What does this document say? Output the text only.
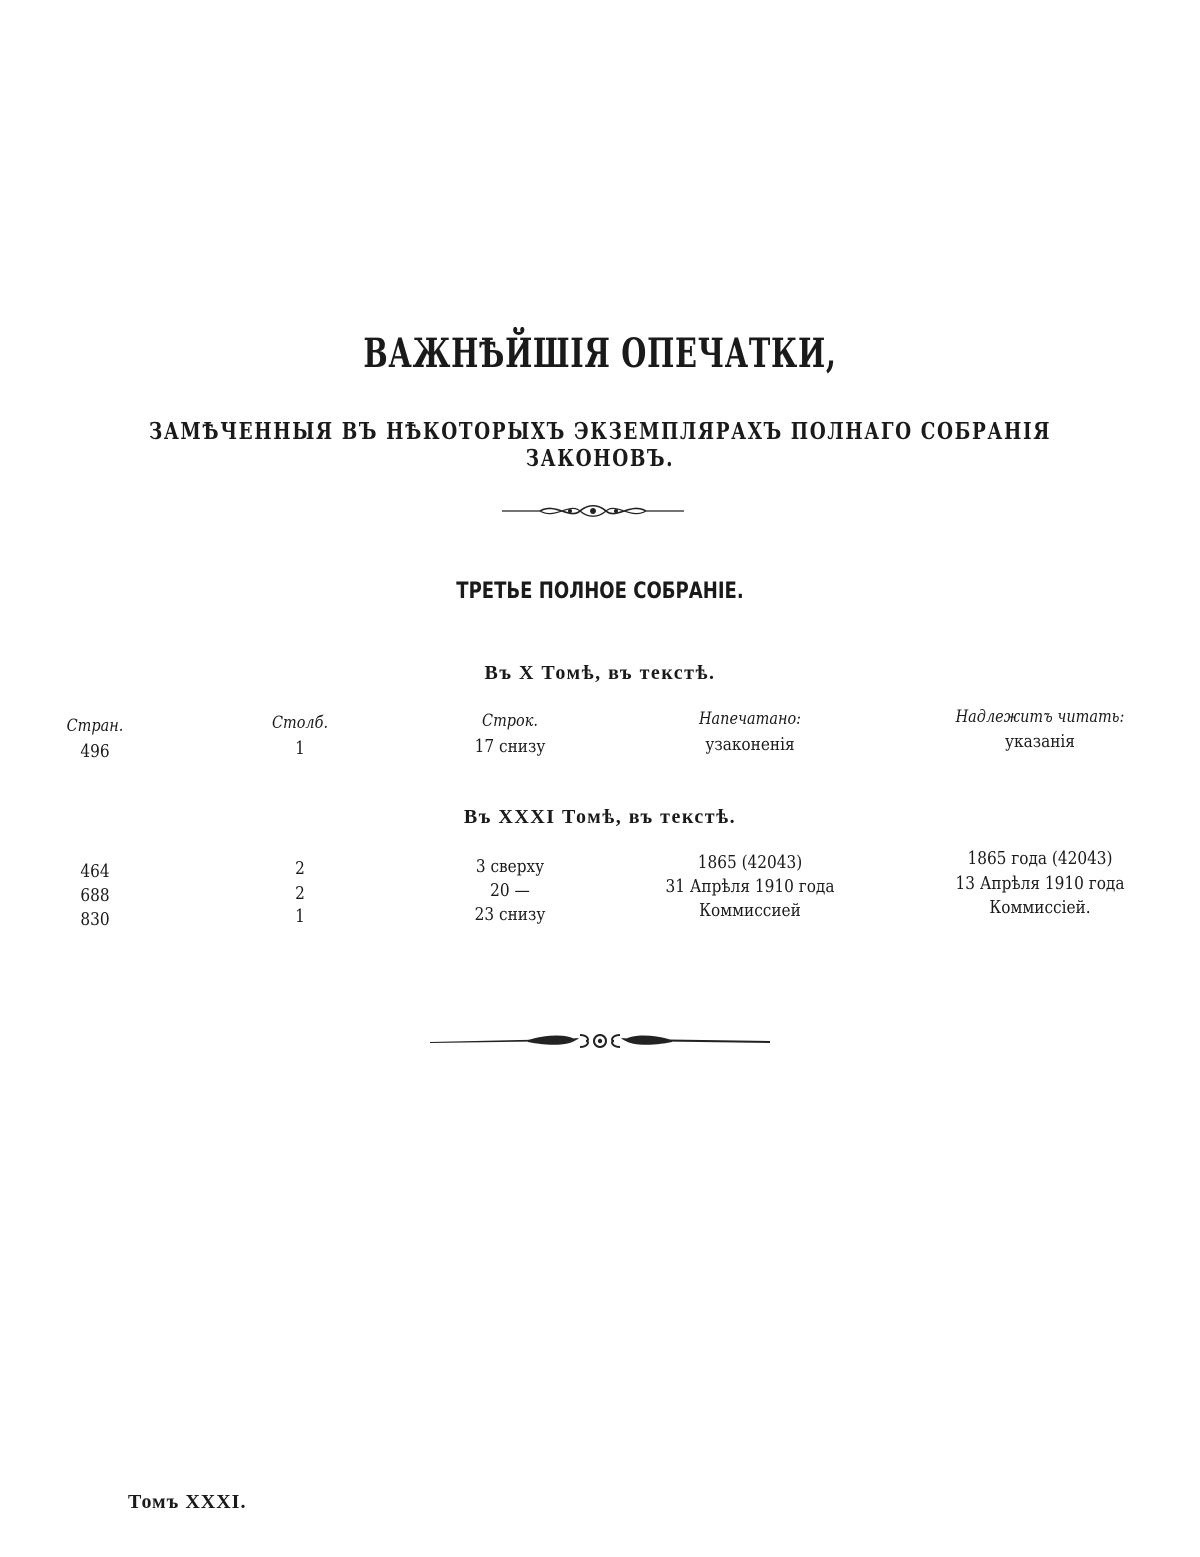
ВАЖНѢЙШІЯ ОПЕЧАТКИ,
ЗАМѢЧЕННЫЯ ВЪ НѢКОТОРЫХЪ ЭКЗЕМПЛЯРАХЪ ПОЛНАГО СОБРАНІЯ ЗАКОНОВЪ.
ТРЕТЬЕ ПОЛНОЕ СОБРАНІЕ.
Въ X Томѣ, въ текстѣ.
Стран.	Столб.	Строк.	Напечатано:	Надлежитъ читать:
496	1	17 снизу	узаконенія	указанія
Въ XXXI Томѣ, въ текстѣ.
464	2	3 сверху	1865 (42043)	1865 года (42043)
688	2	20 —	31 Апрѣля 1910 года	13 Апрѣля 1910 года
830	1	23 снизу	Коммиссией	Коммиссіей.
Томъ XXXI.
